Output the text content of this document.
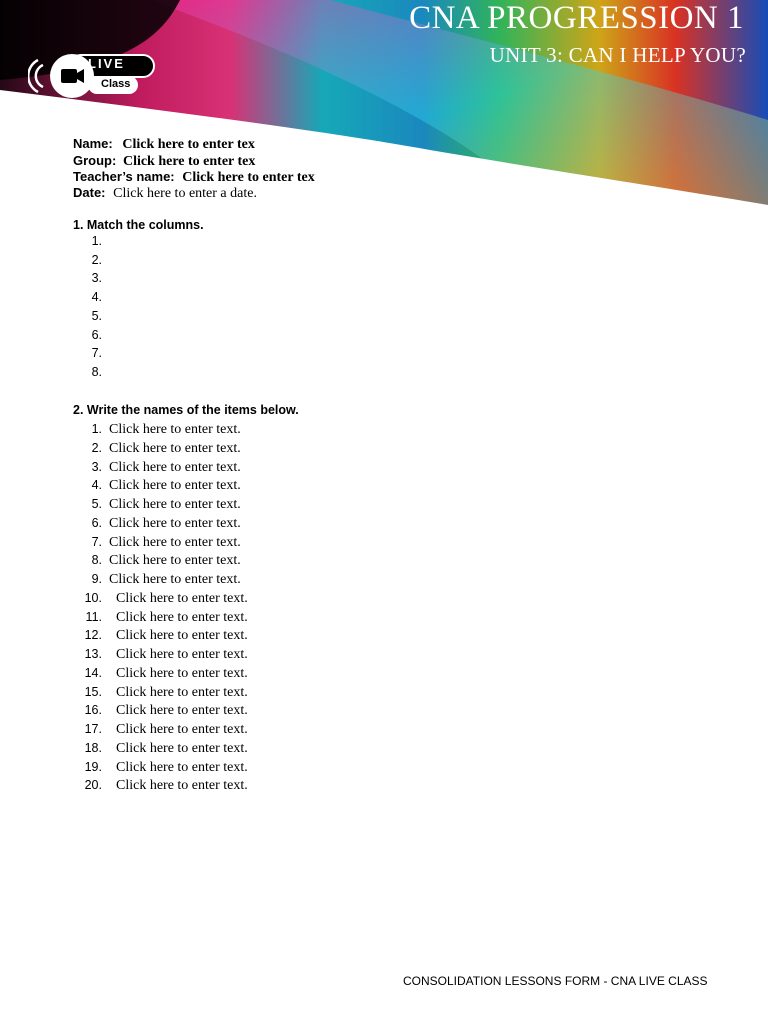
CNA PROGRESSION 1
UNIT 3: CAN I HELP YOU?
LIVE
Class
Name: Click here to enter tex
Group: Click here to enter tex
Teacher’s name: Click here to enter tex
Date: Click here to enter a date.
1. Match the columns.
1.
2.
3.
4.
5.
6.
7.
8.
2. Write the names of the items below.
1. Click here to enter text.
2. Click here to enter text.
3. Click here to enter text.
4. Click here to enter text.
5. Click here to enter text.
6. Click here to enter text.
7. Click here to enter text.
8. Click here to enter text.
9. Click here to enter text.
10. Click here to enter text.
11. Click here to enter text.
12. Click here to enter text.
13. Click here to enter text.
14. Click here to enter text.
15. Click here to enter text.
16. Click here to enter text.
17. Click here to enter text.
18. Click here to enter text.
19. Click here to enter text.
20. Click here to enter text.
CONSOLIDATION LESSONS FORM - CNA LIVE CLASS
